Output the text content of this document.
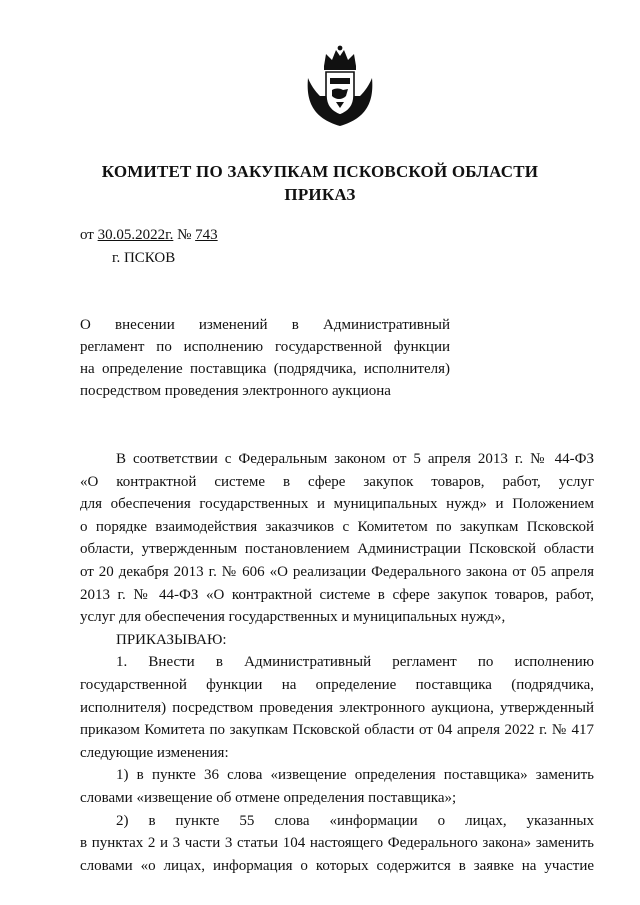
КОМИТЕТ ПО ЗАКУПКАМ ПСКОВСКОЙ ОБЛАСТИ
ПРИКАЗ
от 30.05.2022г. № 743
г. ПСКОВ
О внесении изменений в Административный
регламент по исполнению государственной функции
на определение поставщика (подрядчика, исполнителя)
посредством проведения электронного аукциона
В соответствии с Федеральным законом от 5 апреля 2013 г. № 44-ФЗ
«О контрактной системе в сфере закупок товаров, работ, услуг
для обеспечения государственных и муниципальных нужд» и Положением
о порядке взаимодействия заказчиков с Комитетом по закупкам Псковской
области, утвержденным постановлением Администрации Псковской области
от 20 декабря 2013 г. № 606 «О реализации Федерального закона от 05 апреля
2013 г. № 44-ФЗ «О контрактной системе в сфере закупок товаров, работ,
услуг для обеспечения государственных и муниципальных нужд»,
ПРИКАЗЫВАЮ:
1. Внести в Административный регламент по исполнению
государственной функции на определение поставщика (подрядчика,
исполнителя) посредством проведения электронного аукциона, утвержденный
приказом Комитета по закупкам Псковской области от 04 апреля 2022 г. № 417
следующие изменения:
1) в пункте 36 слова «извещение определения поставщика» заменить
словами «извещение об отмене определения поставщика»;
2) в пункте 55 слова «информации о лицах, указанных
в пунктах 2 и 3 части 3 статьи 104 настоящего Федерального закона» заменить
словами «о лицах, информация о которых содержится в заявке на участие
